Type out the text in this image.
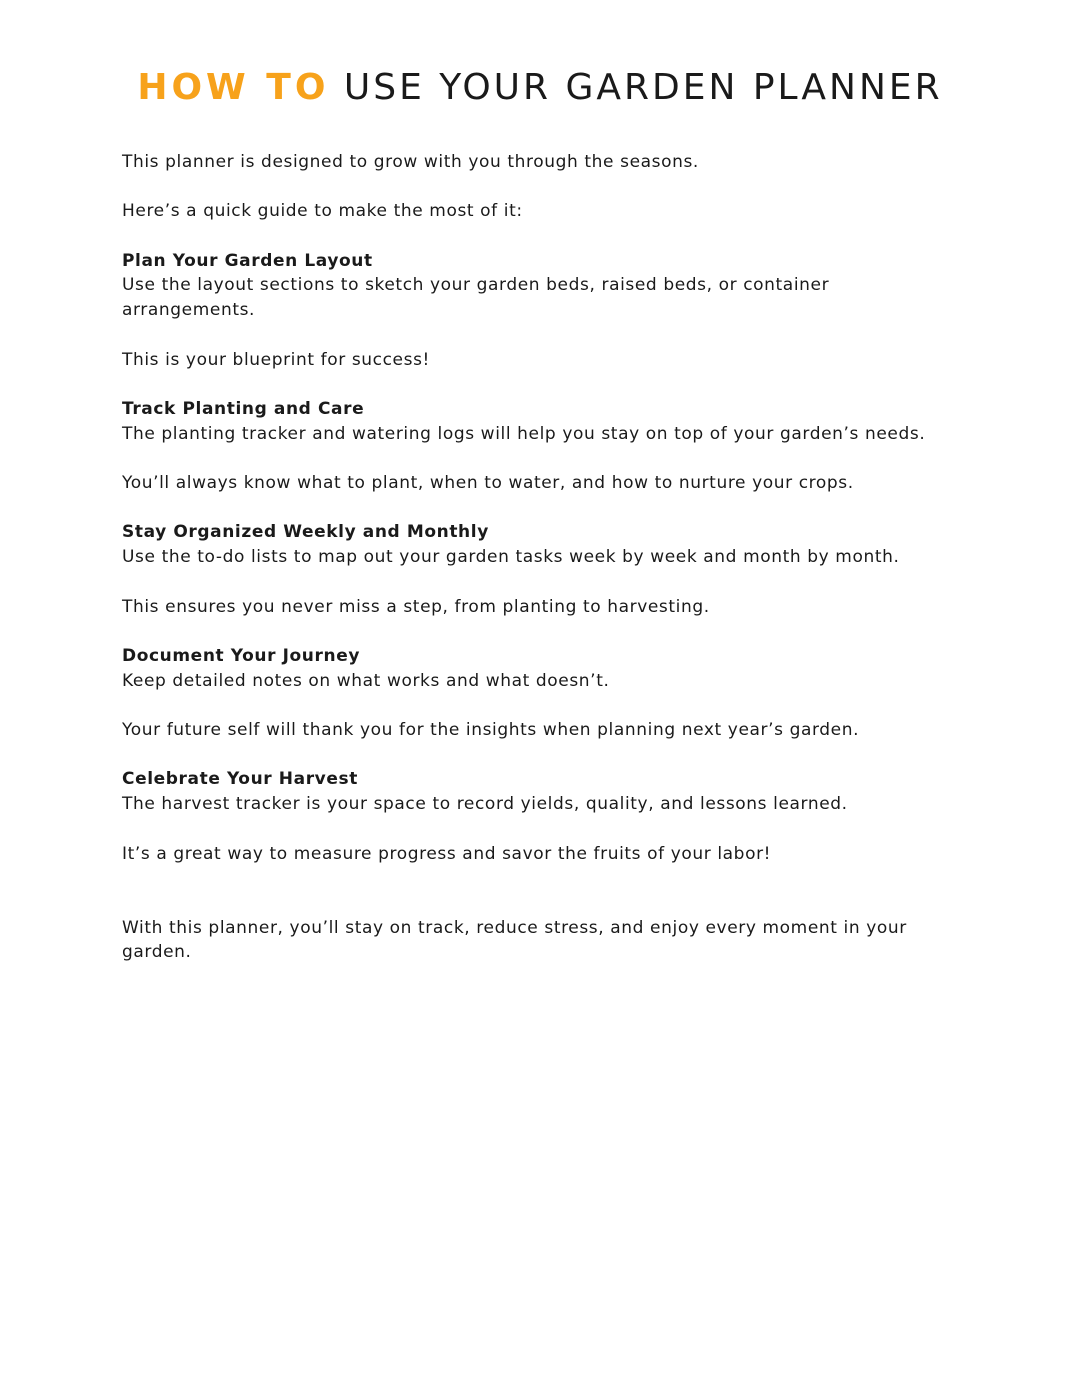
HOW TO USE YOUR GARDEN PLANNER

This planner is designed to grow with you through the seasons.

Here’s a quick guide to make the most of it:

Plan Your Garden Layout

Use the layout sections to sketch your garden beds, raised beds, or container arrangements.

This is your blueprint for success!

Track Planting and Care

The planting tracker and watering logs will help you stay on top of your garden’s needs.

You’ll always know what to plant, when to water, and how to nurture your crops.

Stay Organized Weekly and Monthly

Use the to-do lists to map out your garden tasks week by week and month by month.

This ensures you never miss a step, from planting to harvesting.

Document Your Journey

Keep detailed notes on what works and what doesn’t.

Your future self will thank you for the insights when planning next year’s garden.

Celebrate Your Harvest

The harvest tracker is your space to record yields, quality, and lessons learned.

It’s a great way to measure progress and savor the fruits of your labor!

With this planner, you’ll stay on track, reduce stress, and enjoy every moment in your garden.
